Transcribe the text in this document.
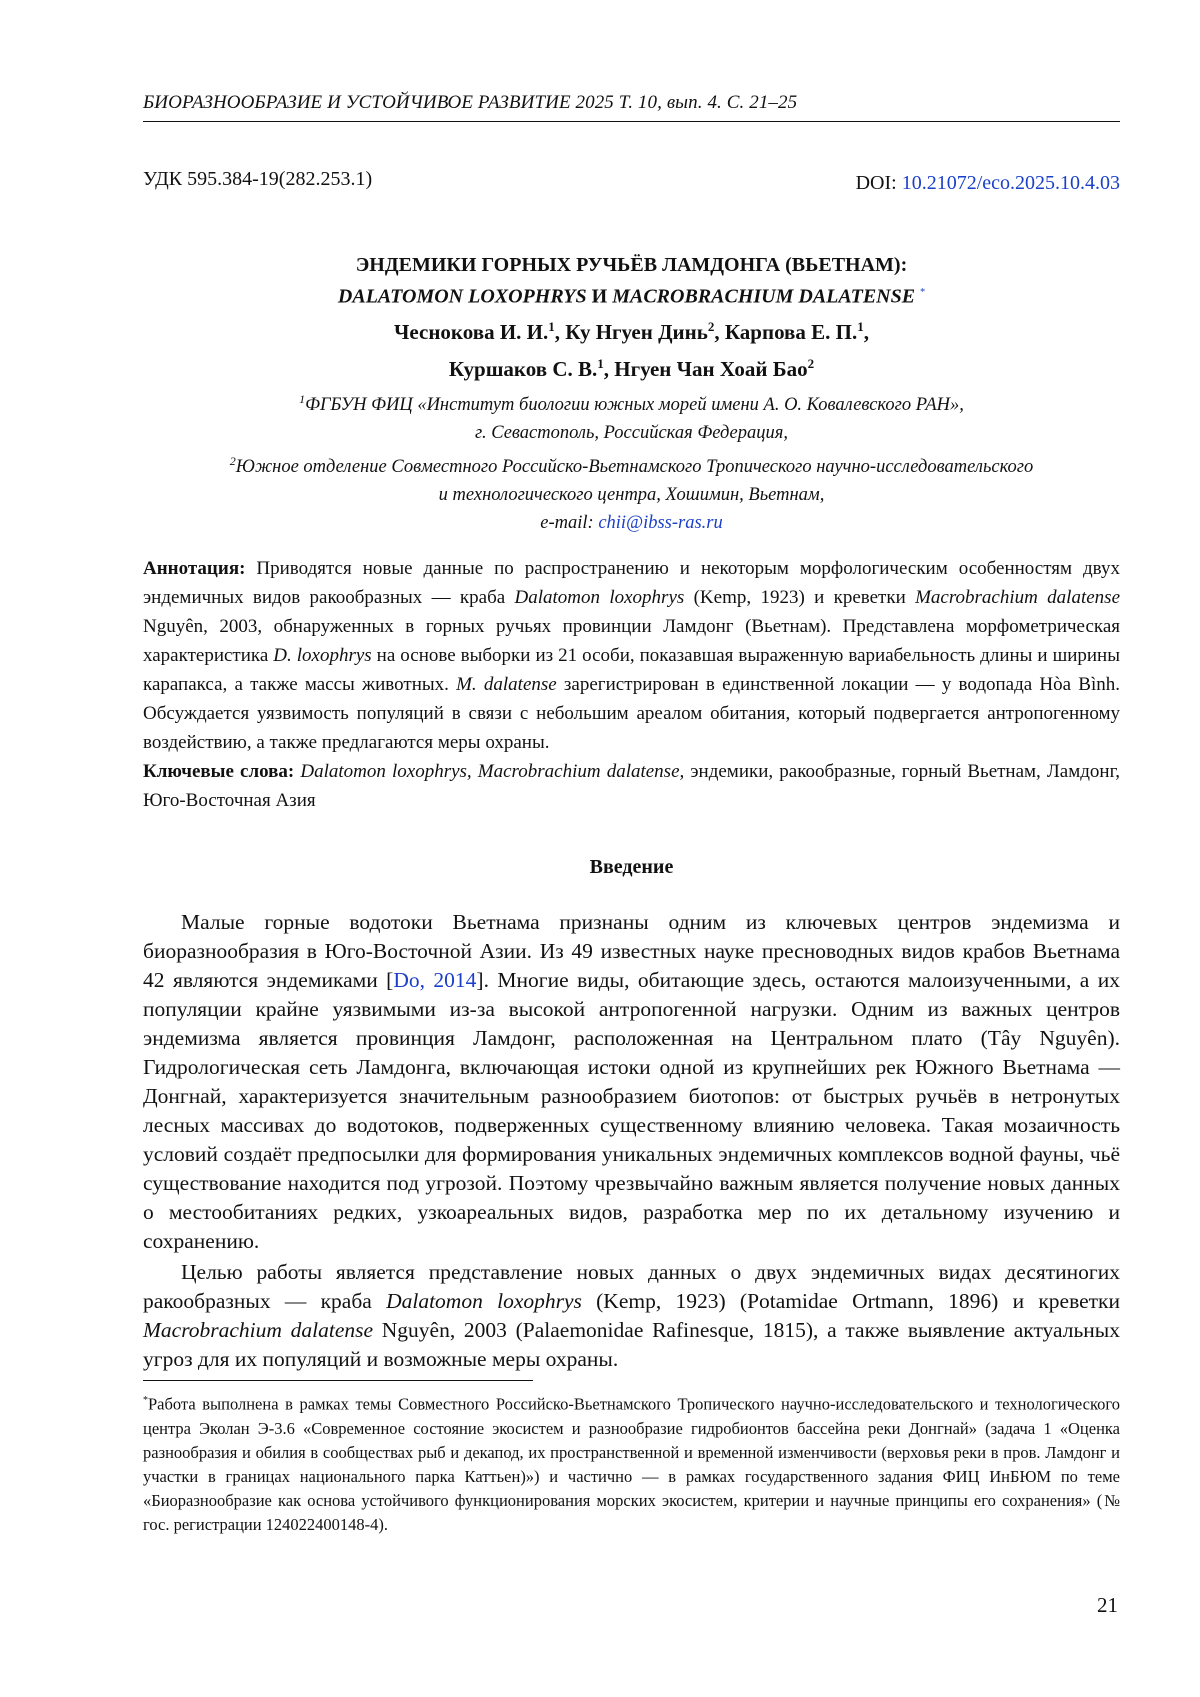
БИОРАЗНООБРАЗИЕ И УСТОЙЧИВОЕ РАЗВИТИЕ 2025 Т. 10, вып. 4. С. 21–25
УДК 595.384-19(282.253.1)	DOI: 10.21072/eco.2025.10.4.03
ЭНДЕМИКИ ГОРНЫХ РУЧЬЁВ ЛАМДОНГА (ВЬЕТНАМ):
DALATOMON LOXOPHRYS И MACROBRACHIUM DALATENSE *
Чеснокова И. И.$^1$, Ку Нгуен Динь$^2$, Карпова Е. П.$^1$,
Куршаков С. В.$^1$, Нгуен Чан Хоай Бао$^2$
$^1$ФГБУН ФИЦ «Институт биологии южных морей имени А. О. Ковалевского РАН»,
г. Севастополь, Российская Федерация,
$^2$Южное отделение Совместного Российско-Вьетнамского Тропического научно-исследовательского
и технологического центра, Хошимин, Вьетнам,
e-mail: chii@ibss-ras.ru

Аннотация: Приводятся новые данные по распространению и некоторым морфологическим особенностям двух эндемичных видов ракообразных — краба Dalatomon loxophrys (Kemp, 1923) и креветки Macrobrachium dalatense Nguyên, 2003, обнаруженных в горных ручьях провинции Ламдонг (Вьетнам). Представлена морфометрическая характеристика D. loxophrys на основе выборки из 21 особи, показавшая выраженную вариабельность длины и ширины карапакса, а также массы животных. M. dalatense зарегистрирован в единственной локации — у водопада Hòa Bình. Обсуждается уязвимость популяций в связи с небольшим ареалом обитания, который подвергается антропогенному воздействию, а также предлагаются меры охраны.

Ключевые слова: Dalatomon loxophrys, Macrobrachium dalatense, эндемики, ракообразные, горный Вьетнам, Ламдонг, Юго-Восточная Азия

Введение

Малые горные водотоки Вьетнама признаны одним из ключевых центров эндемизма и биоразнообразия в Юго-Восточной Азии. Из 49 известных науке пресноводных видов крабов Вьетнама 42 являются эндемиками [Do, 2014]. Многие виды, обитающие здесь, остаются малоизученными, а их популяции крайне уязвимыми из-за высокой антропогенной нагрузки. Одним из важных центров эндемизма является провинция Ламдонг, расположенная на Центральном плато (Tây Nguyên). Гидрологическая сеть Ламдонга, включающая истоки одной из крупнейших рек Южного Вьетнама — Донгнай, характеризуется значительным разнообразием биотопов: от быстрых ручьёв в нетронутых лесных массивах до водотоков, подверженных существенному влиянию человека. Такая мозаичность условий создаёт предпосылки для формирования уникальных эндемичных комплексов водной фауны, чьё существование находится под угрозой. Поэтому чрезвычайно важным является получение новых данных о местообитаниях редких, узкоареальных видов, разработка мер по их детальному изучению и сохранению.

Целью работы является представление новых данных о двух эндемичных видах десятиногих ракообразных — краба Dalatomon loxophrys (Kemp, 1923) (Potamidae Ortmann, 1896) и креветки Macrobrachium dalatense Nguyên, 2003 (Palaemonidae Rafinesque, 1815), а также выявление актуальных угроз для их популяций и возможные меры охраны.

*Работа выполнена в рамках темы Совместного Российско-Вьетнамского Тропического научно-исследовательского и технологического центра Эколан Э-3.6 «Современное состояние экосистем и разнообразие гидробионтов бассейна реки Донгнай» (задача 1 «Оценка разнообразия и обилия в сообществах рыб и декапод, их пространственной и временной изменчивости (верховья реки в пров. Ламдонг и участки в границах национального парка Каттьен)») и частично — в рамках государственного задания ФИЦ ИнБЮМ по теме «Биоразнообразие как основа устойчивого функционирования морских экосистем, критерии и научные принципы его сохранения» (№ гос. регистрации 124022400148-4).
21
